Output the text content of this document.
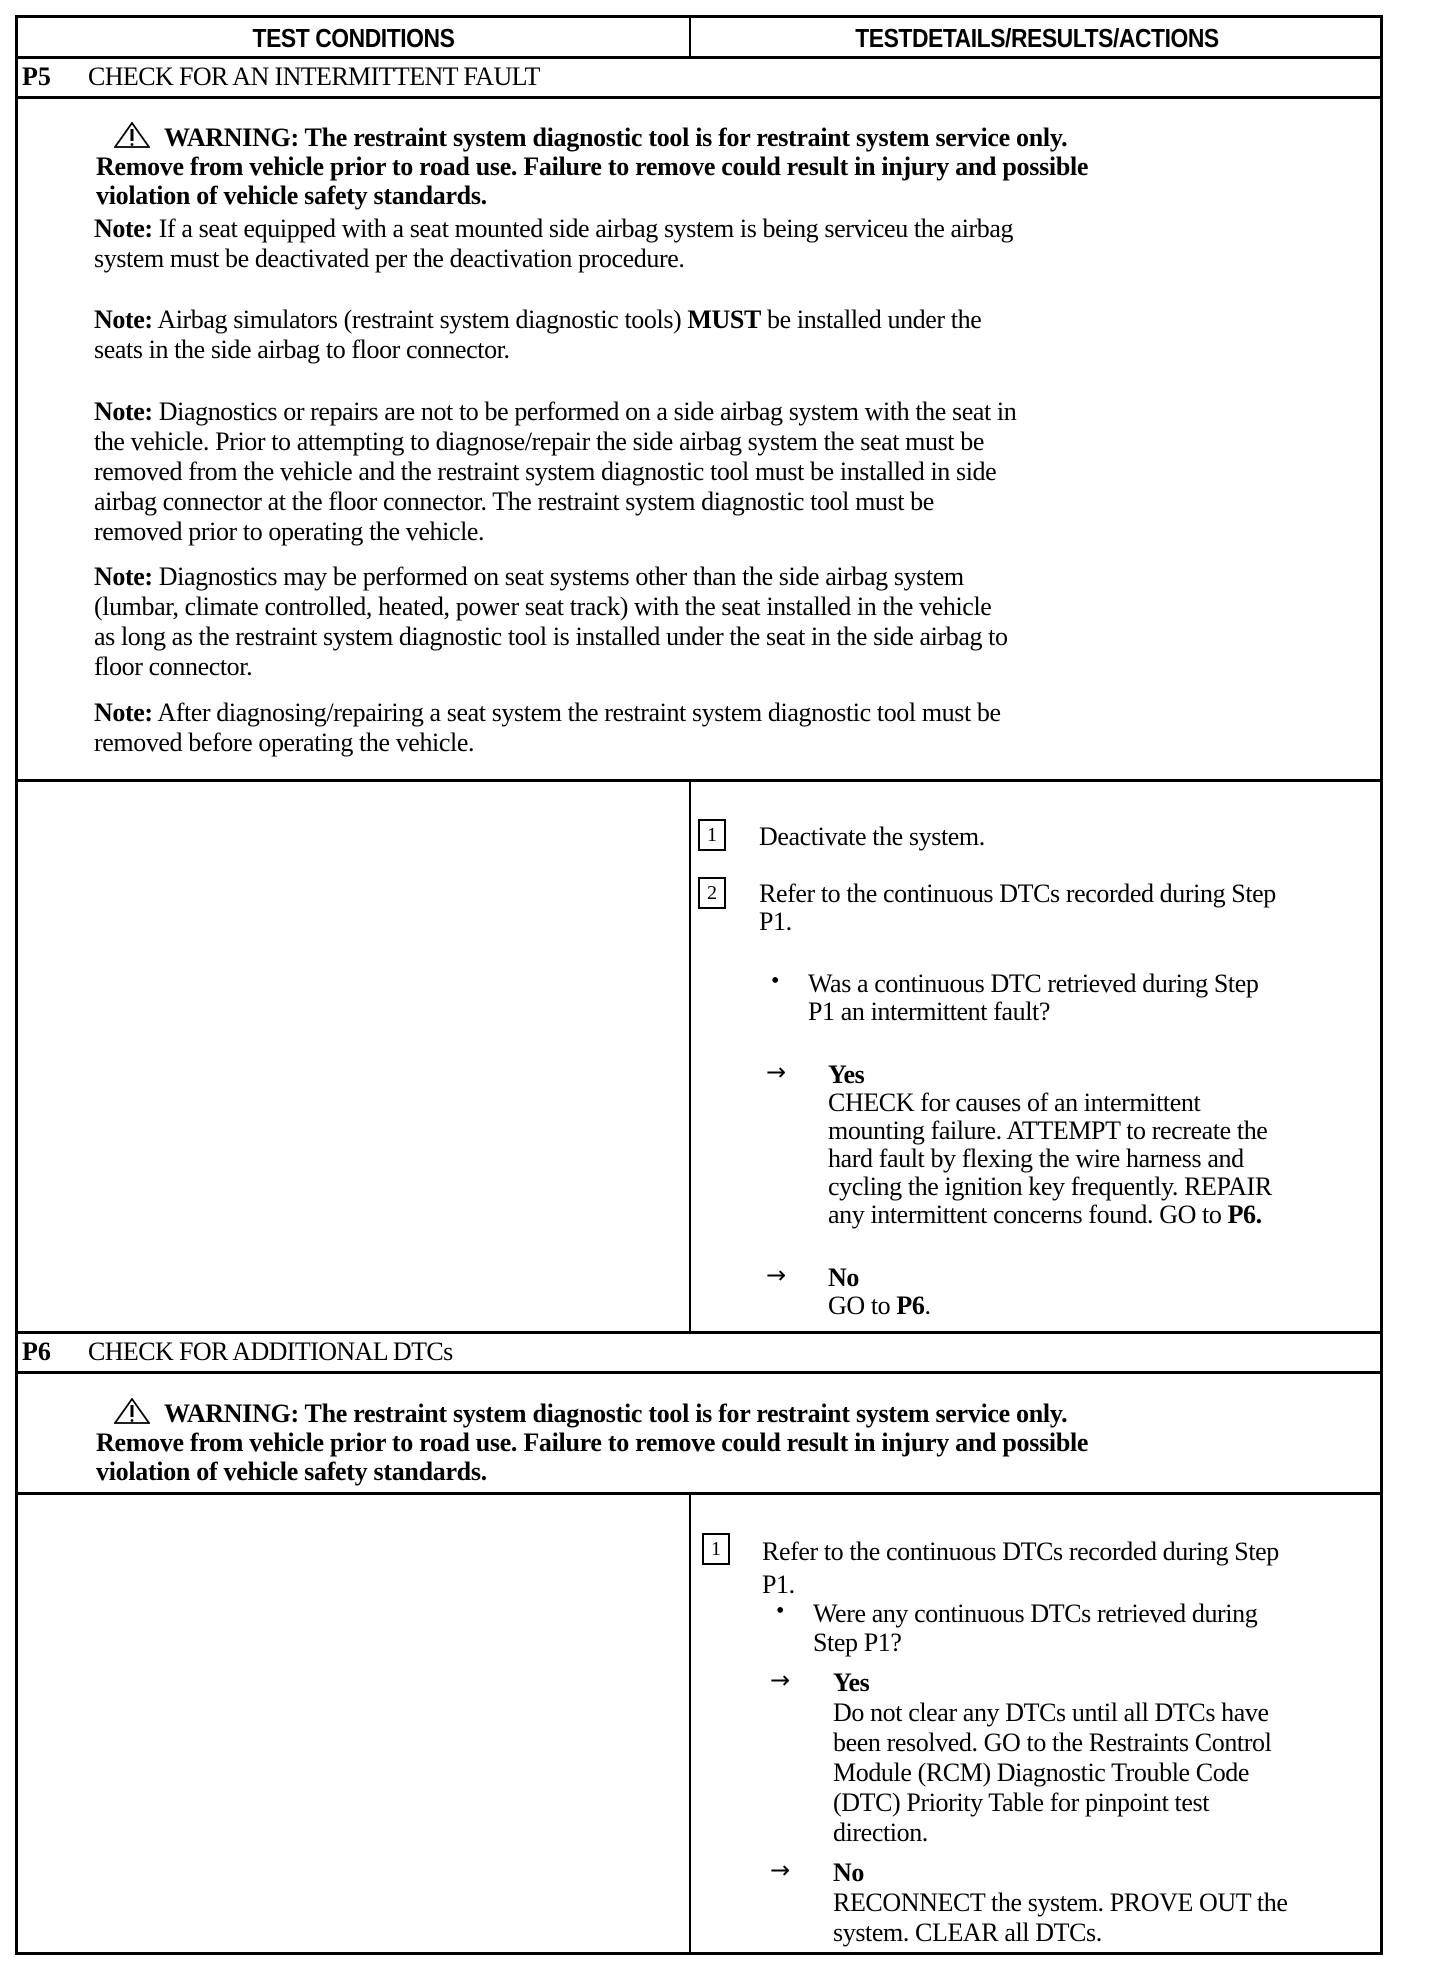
TEST CONDITIONS	TESTDETAILS/RESULTS/ACTIONS
P5	CHECK FOR AN INTERMITTENT FAULT
WARNING: The restraint system diagnostic tool is for restraint system service only.
Remove from vehicle prior to road use. Failure to remove could result in injury and possible
violation of vehicle safety standards.
Note: If a seat equipped with a seat mounted side airbag system is being serviceu the airbag
system must be deactivated per the deactivation procedure.
Note: Airbag simulators (restraint system diagnostic tools) MUST be installed under the
seats in the side airbag to floor connector.
Note: Diagnostics or repairs are not to be performed on a side airbag system with the seat in
the vehicle. Prior to attempting to diagnose/repair the side airbag system the seat must be
removed from the vehicle and the restraint system diagnostic tool must be installed in side
airbag connector at the floor connector. The restraint system diagnostic tool must be
removed prior to operating the vehicle.
Note: Diagnostics may be performed on seat systems other than the side airbag system
(lumbar, climate controlled, heated, power seat track) with the seat installed in the vehicle
as long as the restraint system diagnostic tool is installed under the seat in the side airbag to
floor connector.
Note: After diagnosing/repairing a seat system the restraint system diagnostic tool must be
removed before operating the vehicle.
1	Deactivate the system.
2	Refer to the continuous DTCs recorded during Step
P1.
• Was a continuous DTC retrieved during Step
P1 an intermittent fault?
→ Yes
CHECK for causes of an intermittent
mounting failure. ATTEMPT to recreate the
hard fault by flexing the wire harness and
cycling the ignition key frequently. REPAIR
any intermittent concerns found. GO to P6.
→ No
GO to P6.
P6	CHECK FOR ADDITIONAL DTCs
WARNING: The restraint system diagnostic tool is for restraint system service only.
Remove from vehicle prior to road use. Failure to remove could result in injury and possible
violation of vehicle safety standards.
1	Refer to the continuous DTCs recorded during Step
P1.
• Were any continuous DTCs retrieved during
Step P1?
→ Yes
Do not clear any DTCs until all DTCs have
been resolved. GO to the Restraints Control
Module (RCM) Diagnostic Trouble Code
(DTC) Priority Table for pinpoint test
direction.
→ No
RECONNECT the system. PROVE OUT the
system. CLEAR all DTCs.
